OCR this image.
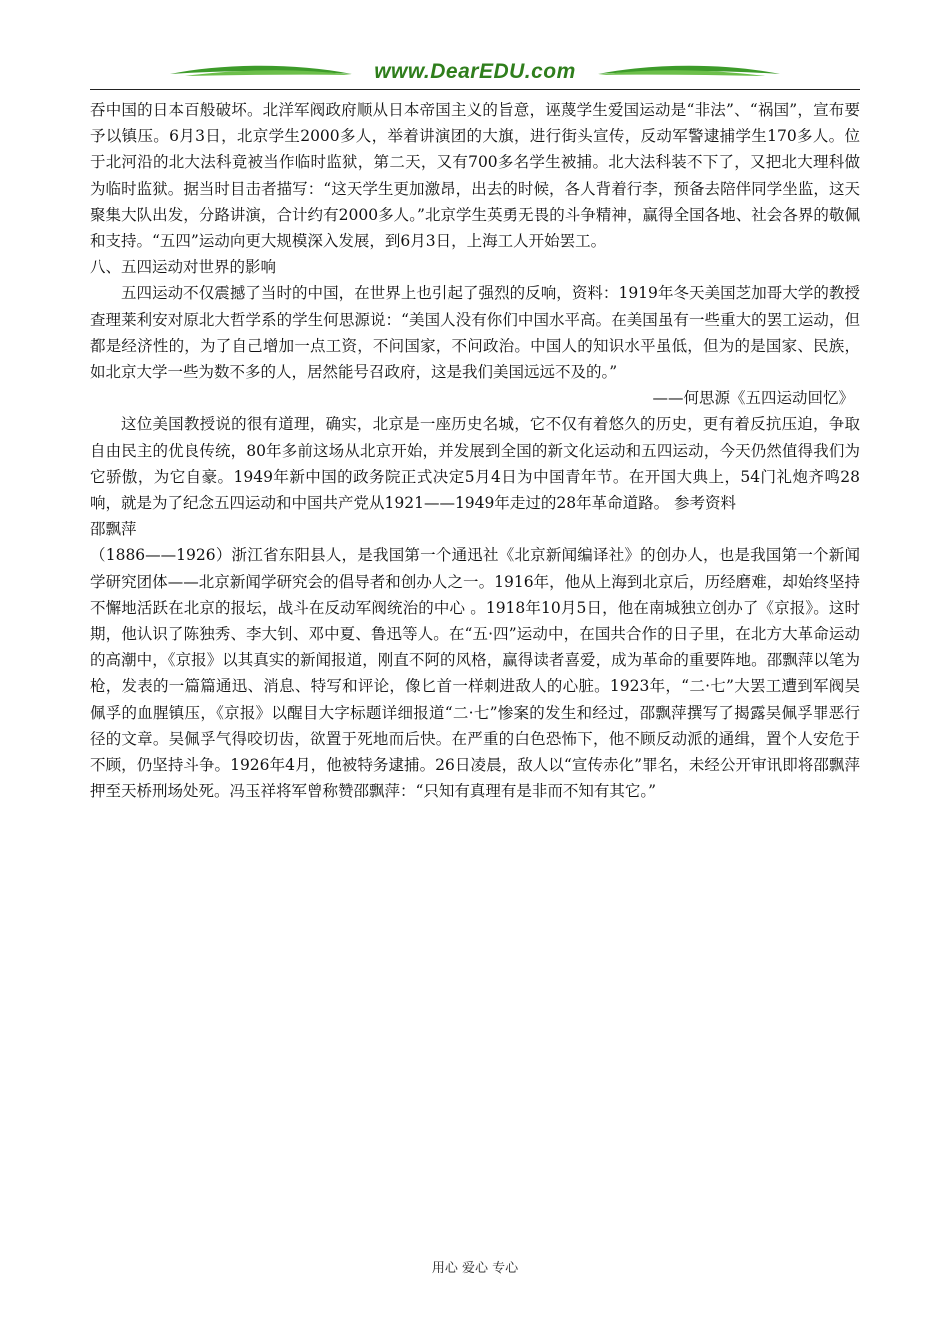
www.DearEDU.com

吞中国的日本百般破坏。北洋军阀政府顺从日本帝国主义的旨意，诬蔑学生爱国运动是“非法”、“祸国”，宣布要予以镇压。6月3日，北京学生2000多人，举着讲演团的大旗，进行街头宣传，反动军警逮捕学生170多人。位于北河沿的北大法科竟被当作临时监狱，第二天，又有700多名学生被捕。北大法科装不下了，又把北大理科做为临时监狱。据当时目击者描写：“这天学生更加激昂，出去的时候，各人背着行李，预备去陪伴同学坐监，这天聚集大队出发，分路讲演，合计约有2000多人。”北京学生英勇无畏的斗争精神，赢得全国各地、社会各界的敬佩和支持。“五四”运动向更大规模深入发展，到6月3日，上海工人开始罢工。

八、五四运动对世界的影响

五四运动不仅震撼了当时的中国，在世界上也引起了强烈的反响，资料：1919年冬天美国芝加哥大学的教授查理莱利安对原北大哲学系的学生何思源说：“美国人没有你们中国水平高。在美国虽有一些重大的罢工运动，但都是经济性的，为了自己增加一点工资，不问国家，不问政治。中国人的知识水平虽低，但为的是国家、民族，如北京大学一些为数不多的人，居然能号召政府，这是我们美国远远不及的。”

——何思源《五四运动回忆》

这位美国教授说的很有道理，确实，北京是一座历史名城，它不仅有着悠久的历史，更有着反抗压迫，争取自由民主的优良传统，80年多前这场从北京开始，并发展到全国的新文化运动和五四运动，今天仍然值得我们为它骄傲，为它自豪。1949年新中国的政务院正式决定5月4日为中国青年节。在开国大典上，54门礼炮齐鸣28响，就是为了纪念五四运动和中国共产党从1921——1949年走过的28年革命道路。 参考资料

邵飘萍

（1886——1926）浙江省东阳县人，是我国第一个通迅社《北京新闻编译社》的创办人，也是我国第一个新闻学研究团体——北京新闻学研究会的倡导者和创办人之一。1916年，他从上海到北京后，历经磨难，却始终坚持不懈地活跃在北京的报坛，战斗在反动军阀统治的中心 。1918年10月5日，他在南城独立创办了《京报》。这时期，他认识了陈独秀、李大钊、邓中夏、鲁迅等人。在“五·四”运动中，在国共合作的日子里，在北方大革命运动的高潮中，《京报》以其真实的新闻报道，刚直不阿的风格，赢得读者喜爱，成为革命的重要阵地。邵飘萍以笔为枪，发表的一篇篇通迅、消息、特写和评论，像匕首一样刺进敌人的心脏。1923年，“二·七”大罢工遭到军阀吴佩孚的血腥镇压，《京报》以醒目大字标题详细报道“二·七”惨案的发生和经过，邵飘萍撰写了揭露吴佩孚罪恶行径的文章。吴佩孚气得咬切齿，欲置于死地而后快。在严重的白色恐怖下，他不顾反动派的通缉，置个人安危于不顾，仍坚持斗争。1926年4月，他被特务逮捕。26日凌晨，敌人以“宣传赤化”罪名，未经公开审讯即将邵飘萍押至天桥刑场处死。冯玉祥将军曾称赞邵飘萍：“只知有真理有是非而不知有其它。”

用心 爱心 专心
